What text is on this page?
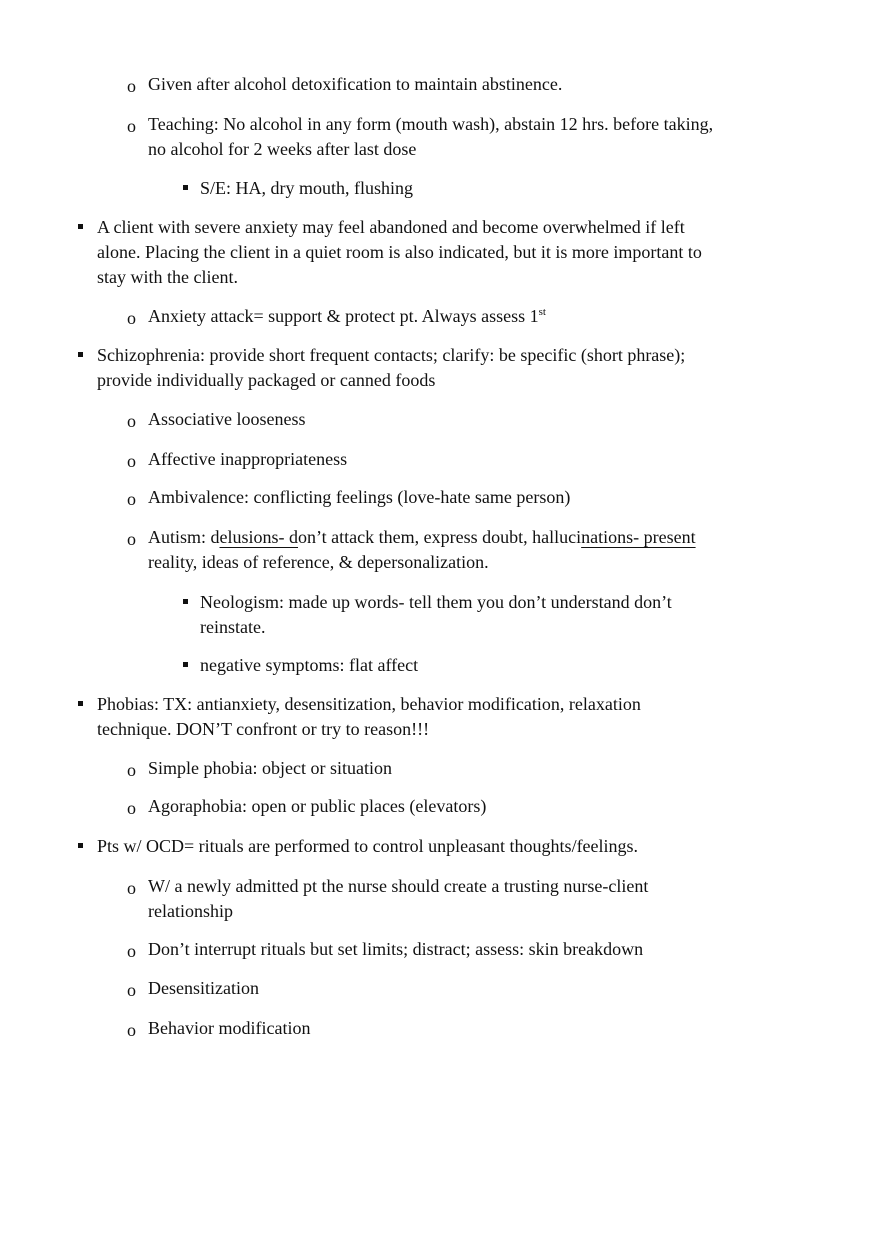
o Given after alcohol detoxification to maintain abstinence.
o Teaching: No alcohol in any form (mouth wash), abstain 12 hrs. before taking,
no alcohol for 2 weeks after last dose
S/E: HA, dry mouth, flushing
A client with severe anxiety may feel abandoned and become overwhelmed if left
alone. Placing the client in a quiet room is also indicated, but it is more important to
stay with the client.
o Anxiety attack= support & protect pt. Always assess 1st
Schizophrenia: provide short frequent contacts; clarify: be specific (short phrase);
provide individually packaged or canned foods
o Associative looseness
o Affective inappropriateness
o Ambivalence: conflicting feelings (love-hate same person)
o Autism: delusions- don’t attack them, express doubt, hallucinations- present
reality, ideas of reference, & depersonalization.
Neologism: made up words- tell them you don’t understand don’t
reinstate.
negative symptoms: flat affect
Phobias: TX: antianxiety, desensitization, behavior modification, relaxation
technique. DON’T confront or try to reason!!!
o Simple phobia: object or situation
o Agoraphobia: open or public places (elevators)
Pts w/ OCD= rituals are performed to control unpleasant thoughts/feelings.
o W/ a newly admitted pt the nurse should create a trusting nurse-client
relationship
o Don’t interrupt rituals but set limits; distract; assess: skin breakdown
o Desensitization
o Behavior modification
